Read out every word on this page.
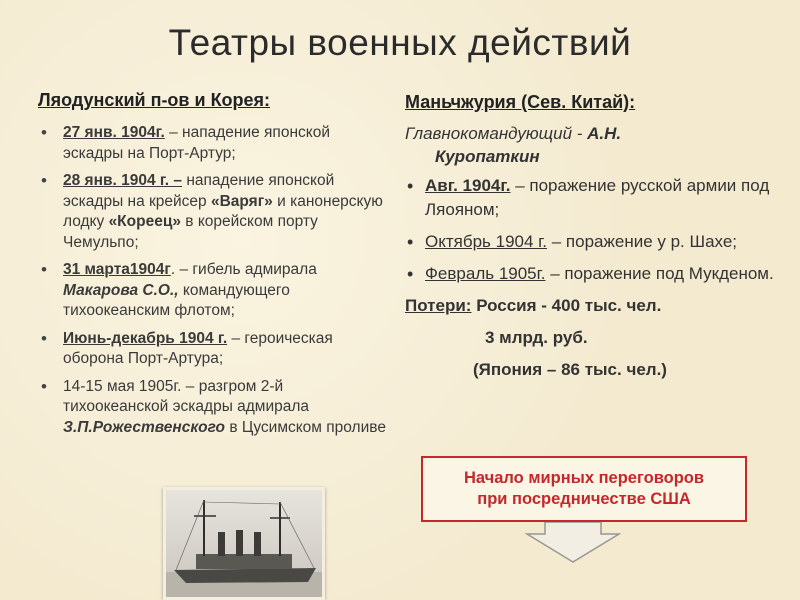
Театры военных действий
Ляодунский п-ов и Корея:
• 27 янв. 1904г. – нападение японской эскадры на Порт-Артур;
• 28 янв. 1904 г. – нападение японской эскадры на крейсер «Варяг» и канонерскую лодку «Кореец» в корейском порту Чемульпо;
• 31 марта1904г. – гибель адмирала Макарова С.О., командующего тихоокеанским флотом;
• Июнь-декабрь 1904 г. – героическая оборона Порт-Артура;
• 14-15 мая 1905г. – разгром 2-й тихоокеанской эскадры адмирала З.П.Рожественского в Цусимском проливе
Маньчжурия (Сев. Китай):
Главнокомандующий - А.Н.
Куропаткин
• Авг. 1904г. – поражение русской армии под Ляояном;
• Октябрь 1904 г. – поражение у р. Шахе;
• Февраль 1905г. – поражение под Мукденом.
Потери: Россия - 400 тыс. чел.
3 млрд. руб.
(Япония – 86 тыс. чел.)
Начало мирных переговоров
при посредничестве США
